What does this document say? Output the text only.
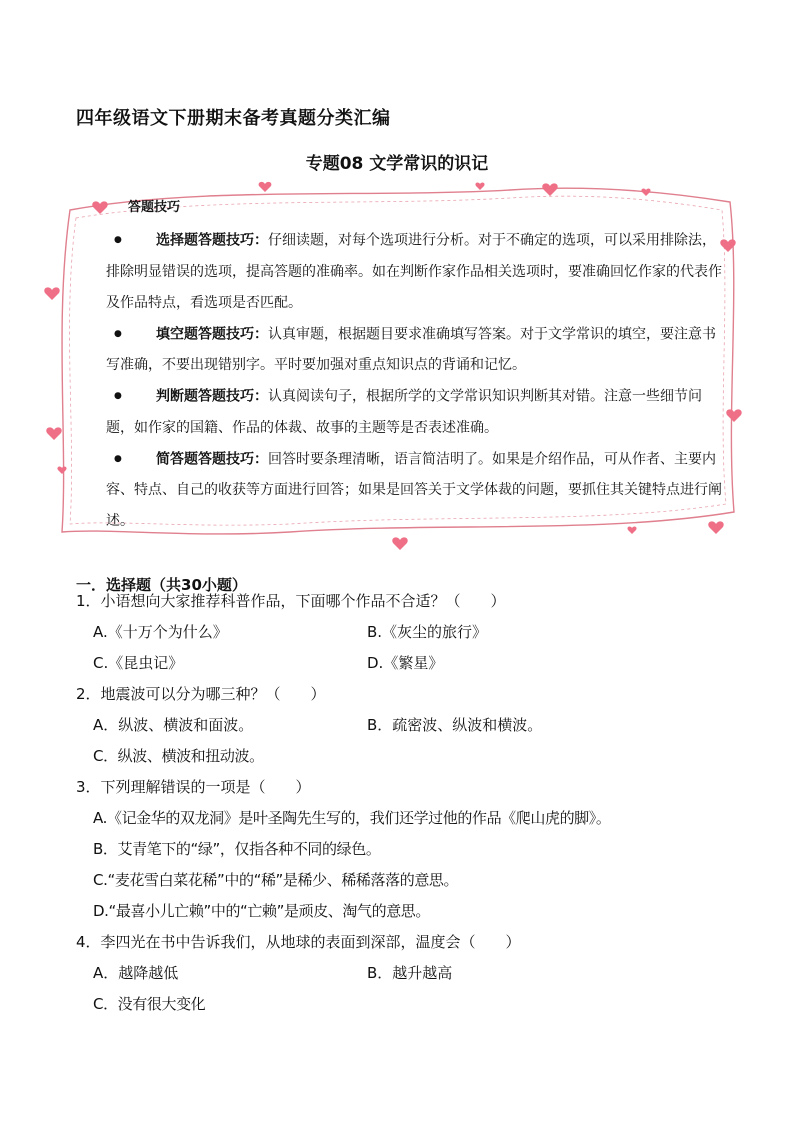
四年级语文下册期末备考真题分类汇编
专题08 文学常识的识记
答题技巧

● 选择题答题技巧：仔细读题，对每个选项进行分析。对于不确定的选项，可以采用排除法，排除明显错误的选项，提高答题的准确率。如在判断作家作品相关选项时，要准确回忆作家的代表作及作品特点，看选项是否匹配。

● 填空题答题技巧：认真审题，根据题目要求准确填写答案。对于文学常识的填空，要注意书写准确，不要出现错别字。平时要加强对重点知识点的背诵和记忆。

● 判断题答题技巧：认真阅读句子，根据所学的文学常识知识判断其对错。注意一些细节问题，如作家的国籍、作品的体裁、故事的主题等是否表述准确。

● 简答题答题技巧：回答时要条理清晰，语言简洁明了。如果是介绍作品，可从作者、主要内容、特点、自己的收获等方面进行回答；如果是回答关于文学体裁的问题，要抓住其关键特点进行阐述。

一．选择题（共30小题）
1．小语想向大家推荐科普作品，下面哪个作品不合适？（　　）
A.《十万个为什么》	B.《灰尘的旅行》
C.《昆虫记》	D.《繁星》
2．地震波可以分为哪三种？（　　）
A．纵波、横波和面波。	B．疏密波、纵波和横波。
C．纵波、横波和扭动波。
3．下列理解错误的一项是（　　）
A.《记金华的双龙洞》是叶圣陶先生写的，我们还学过他的作品《爬山虎的脚》。
B．艾青笔下的“绿”，仅指各种不同的绿色。
C.“麦花雪白菜花稀”中的“稀”是稀少、稀稀落落的意思。
D.“最喜小儿亡赖”中的“亡赖”是顽皮、淘气的意思。
4．李四光在书中告诉我们，从地球的表面到深部，温度会（　　）
A．越降越低	B．越升越高
C．没有很大变化
